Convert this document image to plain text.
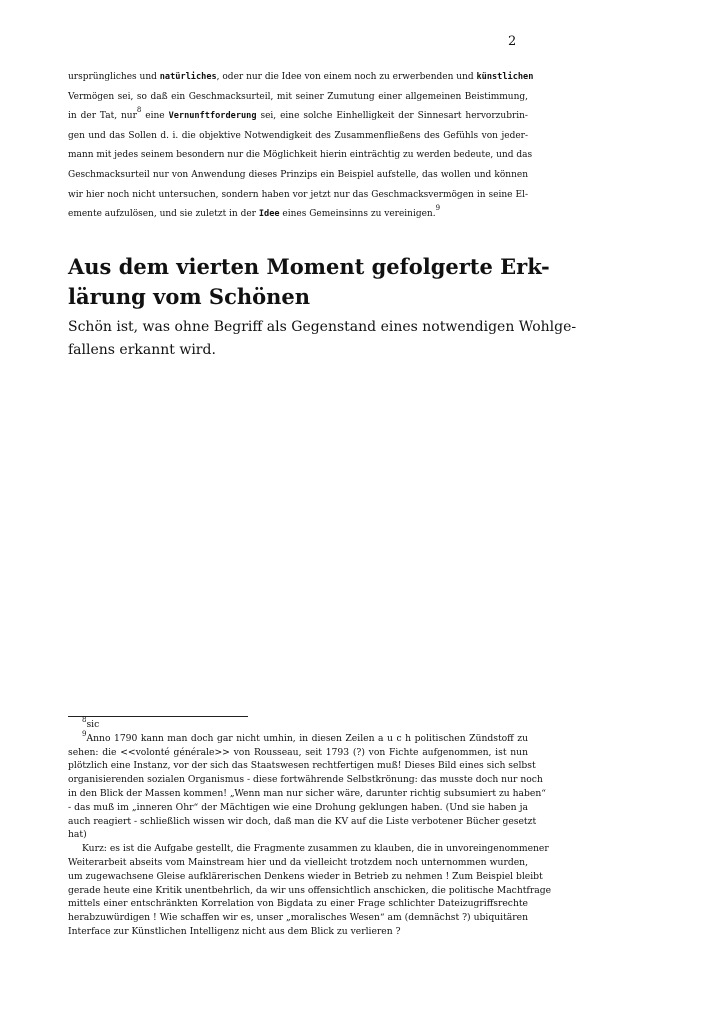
2
ursprüngliches und natürliches, oder nur die Idee von einem noch zu erwerbenden und künstlichen
Vermögen sei, so daß ein Geschmacksurteil, mit seiner Zumutung einer allgemeinen Beistimmung,
in der Tat, nur$^8$ eine Vernunftforderung sei, eine solche Einhelligkeit der Sinnesart hervorzubrin-
gen und das Sollen d. i. die objektive Notwendigkeit des Zusammenfließens des Gefühls von jeder-
mann mit jedes seinem besondern nur die Möglichkeit hierin einträchtig zu werden bedeute, und das
Geschmacksurteil nur von Anwendung dieses Prinzips ein Beispiel aufstelle, das wollen und können
wir hier noch nicht untersuchen, sondern haben vor jetzt nur das Geschmacksvermögen in seine El-
emente aufzulösen, und sie zuletzt in der Idee eines Gemeinsinns zu vereinigen.$^9$
Aus dem vierten Moment gefolgerte Erk-
lärung vom Schönen
Schön ist, was ohne Begriff als Gegenstand eines notwendigen Wohlge-
fallens erkannt wird.
$^8$sic
$^9$Anno 1790 kann man doch gar nicht umhin, in diesen Zeilen a u c h politischen Zündstoff zu
sehen: die <<volonté générale>> von Rousseau, seit 1793 (?) von Fichte aufgenommen, ist nun
plötzlich eine Instanz, vor der sich das Staatswesen rechtfertigen muß! Dieses Bild eines sich selbst
organisierenden sozialen Organismus - diese fortwährende Selbstkrönung: das musste doch nur noch
in den Blick der Massen kommen! „Wenn man nur sicher wäre, darunter richtig subsumiert zu haben“
- das muß im „inneren Ohr“ der Mächtigen wie eine Drohung geklungen haben. (Und sie haben ja
auch reagiert - schließlich wissen wir doch, daß man die KV auf die Liste verbotener Bücher gesetzt
hat)
Kurz: es ist die Aufgabe gestellt, die Fragmente zusammen zu klauben, die in unvoreingenommener
Weiterarbeit abseits vom Mainstream hier und da vielleicht trotzdem noch unternommen wurden,
um zugewachsene Gleise aufklärerischen Denkens wieder in Betrieb zu nehmen ! Zum Beispiel bleibt
gerade heute eine Kritik unentbehrlich, da wir uns offensichtlich anschicken, die politische Machtfrage
mittels einer entschränkten Korrelation von Bigdata zu einer Frage schlichter Dateizugriffsrechte
herabzuwürdigen ! Wie schaffen wir es, unser „moralisches Wesen“ am (demnächst ?) ubiquitären
Interface zur Künstlichen Intelligenz nicht aus dem Blick zu verlieren ?
